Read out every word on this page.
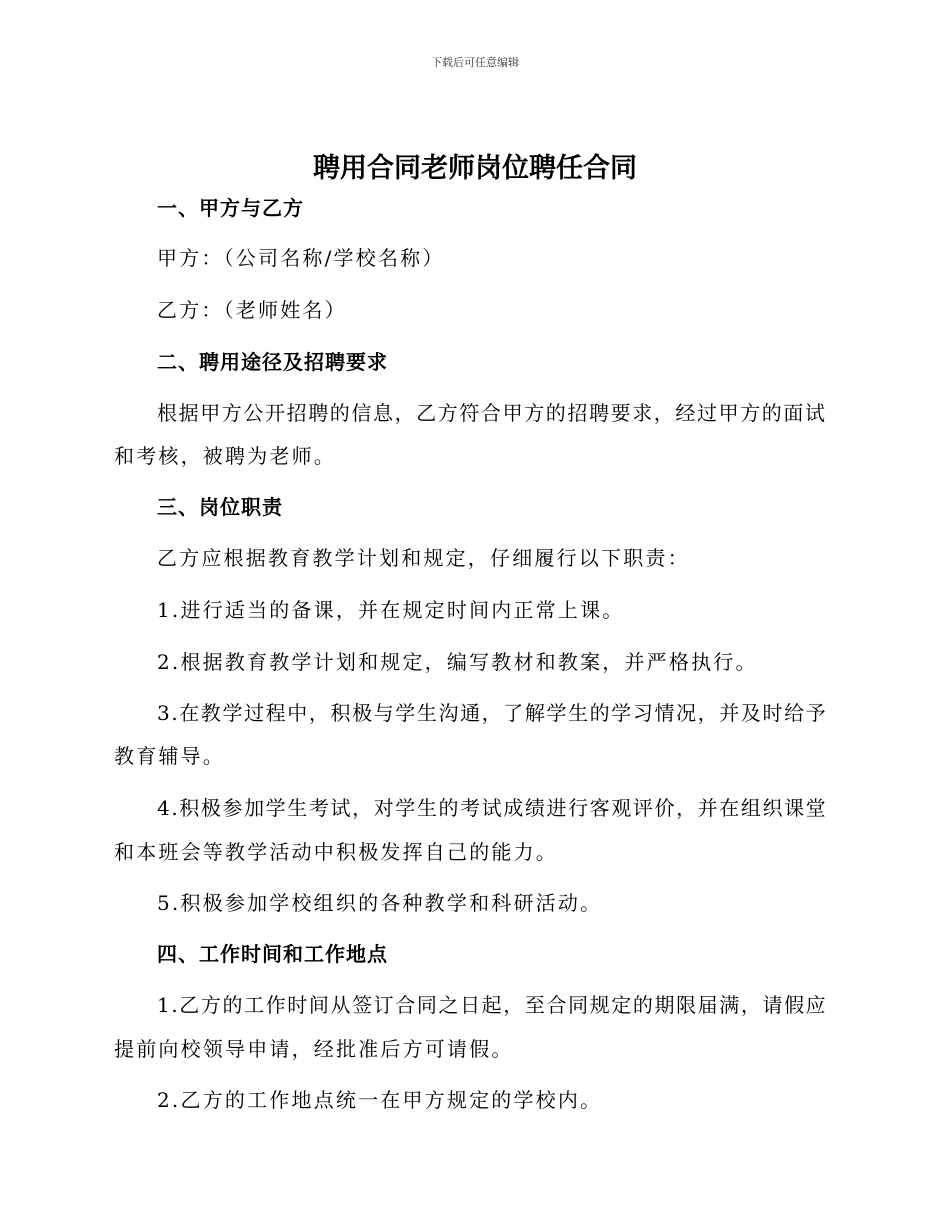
下载后可任意编辑
聘用合同老师岗位聘任合同
一、甲方与乙方
甲方：（公司名称/学校名称）
乙方：（老师姓名）
二、聘用途径及招聘要求
根据甲方公开招聘的信息，乙方符合甲方的招聘要求，经过甲方的面试
和考核，被聘为老师。
三、岗位职责
乙方应根据教育教学计划和规定，仔细履行以下职责：
1.进行适当的备课，并在规定时间内正常上课。
2.根据教育教学计划和规定，编写教材和教案，并严格执行。
3.在教学过程中，积极与学生沟通，了解学生的学习情况，并及时给予
教育辅导。
4.积极参加学生考试，对学生的考试成绩进行客观评价，并在组织课堂
和本班会等教学活动中积极发挥自己的能力。
5.积极参加学校组织的各种教学和科研活动。
四、工作时间和工作地点
1.乙方的工作时间从签订合同之日起，至合同规定的期限届满，请假应
提前向校领导申请，经批准后方可请假。
2.乙方的工作地点统一在甲方规定的学校内。
